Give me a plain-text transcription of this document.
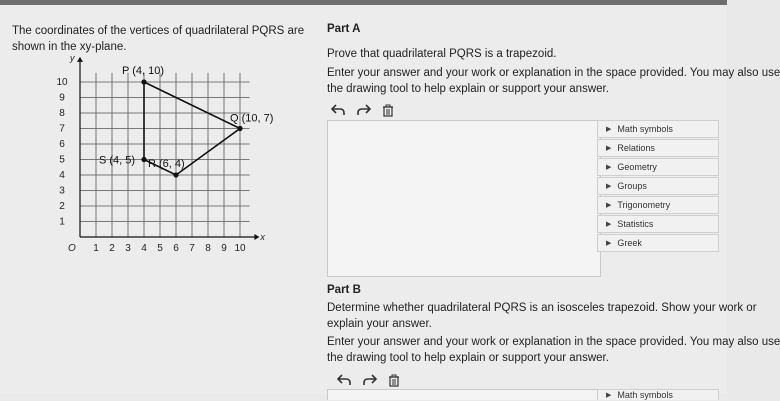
The coordinates of the vertices of quadrilateral PQRS are
shown in the xy-plane.
1 2 3 4 5 6 7 8 9 10
1
2
3
4
5
6
7
8
9
10
O
y
x
P (4, 10)
Q (10, 7)
R (6, 4)
S (4, 5)
Part A
Prove that quadrilateral PQRS is a trapezoid.
Enter your answer and your work or explanation in the space provided. You may also use
the drawing tool to help explain or support your answer.
▶ Math symbols
▶ Relations
▶ Geometry
▶ Groups
▶ Trigonometry
▶ Statistics
▶ Greek
Part B
Determine whether quadrilateral PQRS is an isosceles trapezoid. Show your work or
explain your answer.
Enter your answer and your work or explanation in the space provided. You may also use
the drawing tool to help explain or support your answer.
▶ Math symbols
